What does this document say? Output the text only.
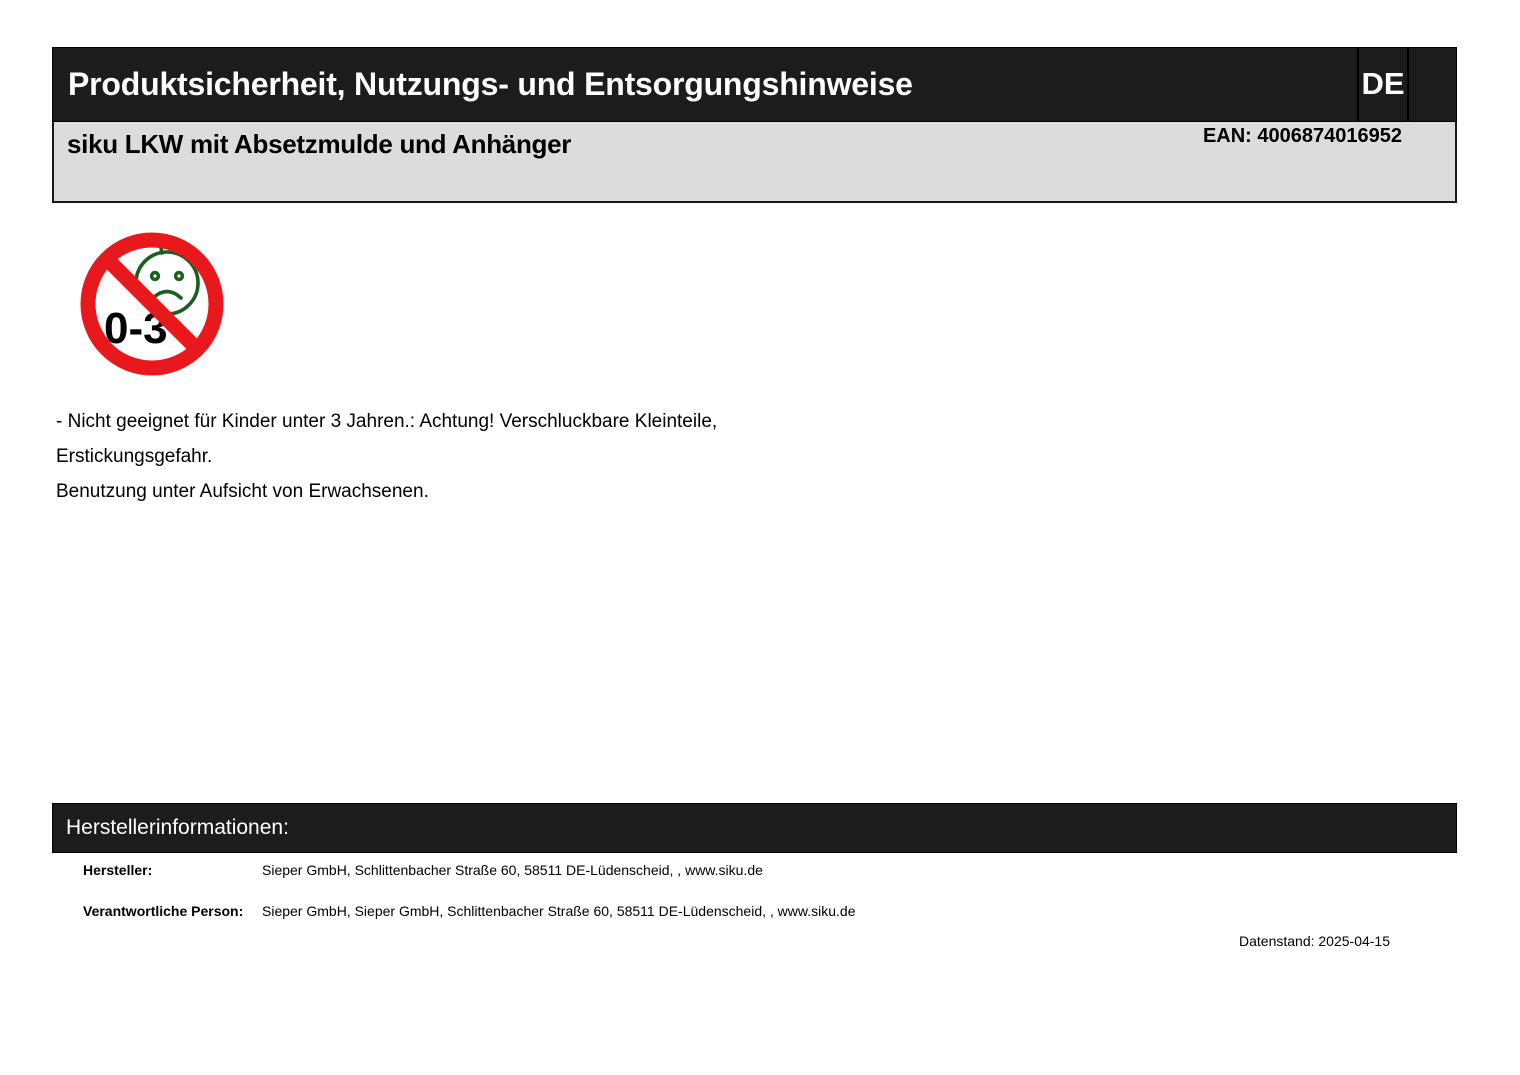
Produktsicherheit, Nutzungs- und Entsorgungshinweise	DE
siku LKW mit Absetzmulde und Anhänger	EAN: 4006874016952
0-3
- Nicht geeignet für Kinder unter 3 Jahren.: Achtung! Verschluckbare Kleinteile,
Erstickungsgefahr.
Benutzung unter Aufsicht von Erwachsenen.
Herstellerinformationen:
Hersteller:	Sieper GmbH, Schlittenbacher Straße 60, 58511 DE-Lüdenscheid, , www.siku.de
Verantwortliche Person: Sieper GmbH, Sieper GmbH, Schlittenbacher Straße 60, 58511 DE-Lüdenscheid, , www.siku.de
Datenstand: 2025-04-15
